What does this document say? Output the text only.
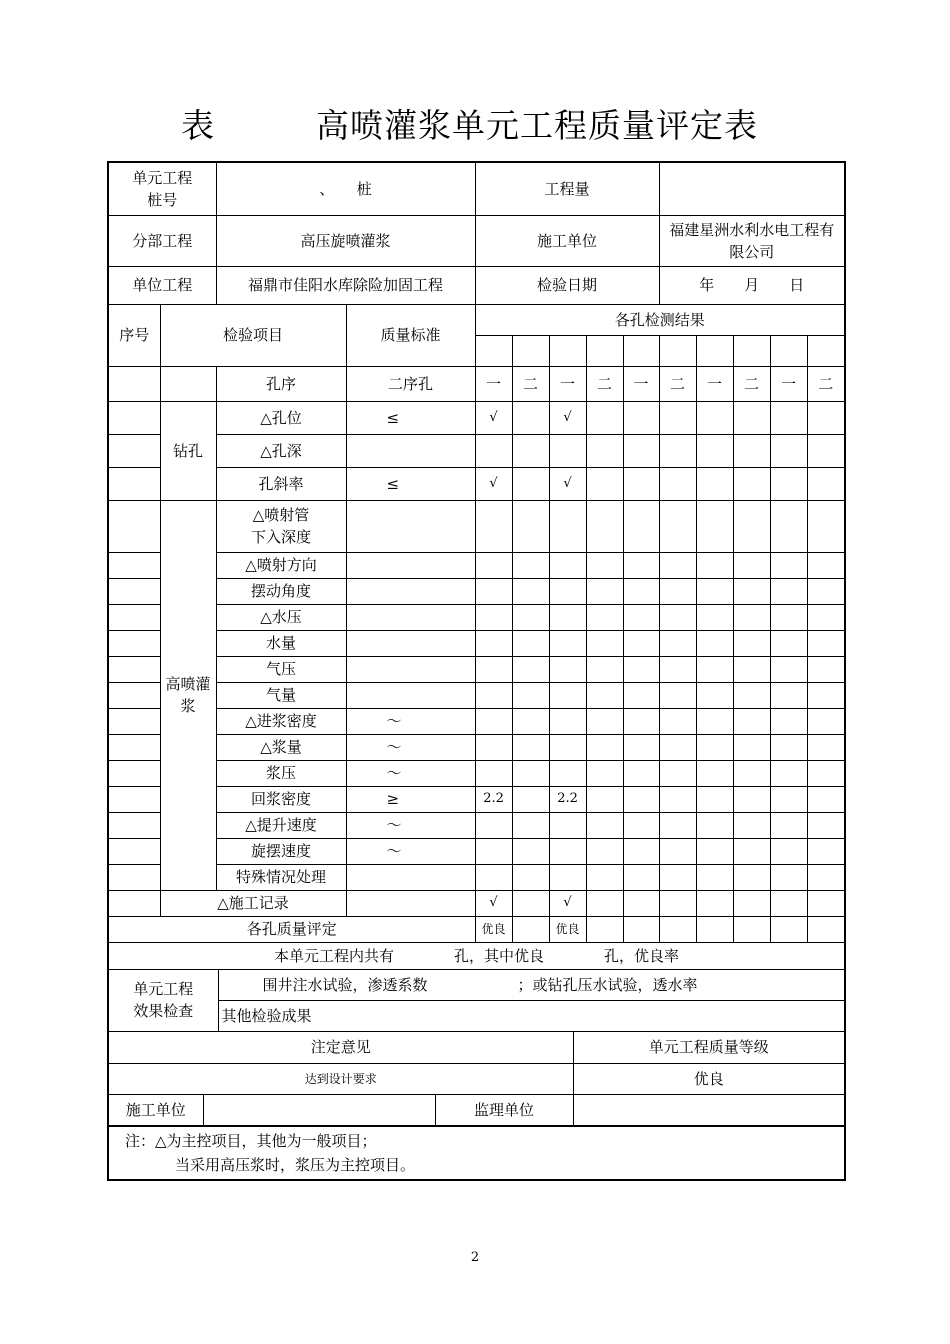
表	高喷灌浆单元工程质量评定表
单元工程
桩号
	、　　桩	工程量	
分部工程	高压旋喷灌浆	施工单位	福建星洲水利水电工程有限公司
单位工程	福鼎市佳阳水库除险加固工程	检验日期	年　　月　　日
序号	检验项目	质量标准	各孔检测结果

		孔序	二序孔	一	二	一	二	一	二	一	二	一	二
	钻孔	△孔位	≤	√		√							
	△孔深											
	孔斜率	≤	√		√							
	高喷灌浆	△喷射管
下入深度											
	△喷射方向											
	摆动角度											
	△水压											
	水量											
	气压											
	气量											
	△进浆密度	～										
	△浆量	～										
	浆压	～										
	回浆密度	≥	2.2		2.2							
	△提升速度	～										
	旋摆速度	～										
	特殊情况处理											
	△施工记录		√		√							
各孔质量评定	优良		优良							
本单元工程内共有　　　　孔，其中优良　　　　孔，优良率

单元工程
效果检查
	围井注水试验，渗透系数　　　　　　；或钻孔压水试验，透水率
其他检验成果

注定意见	单元工程质量等级
达到设计要求	优良
施工单位		监理单位	

注：△为主控项目，其他为一般项目；
当采用高压浆时，浆压为主控项目。
2
